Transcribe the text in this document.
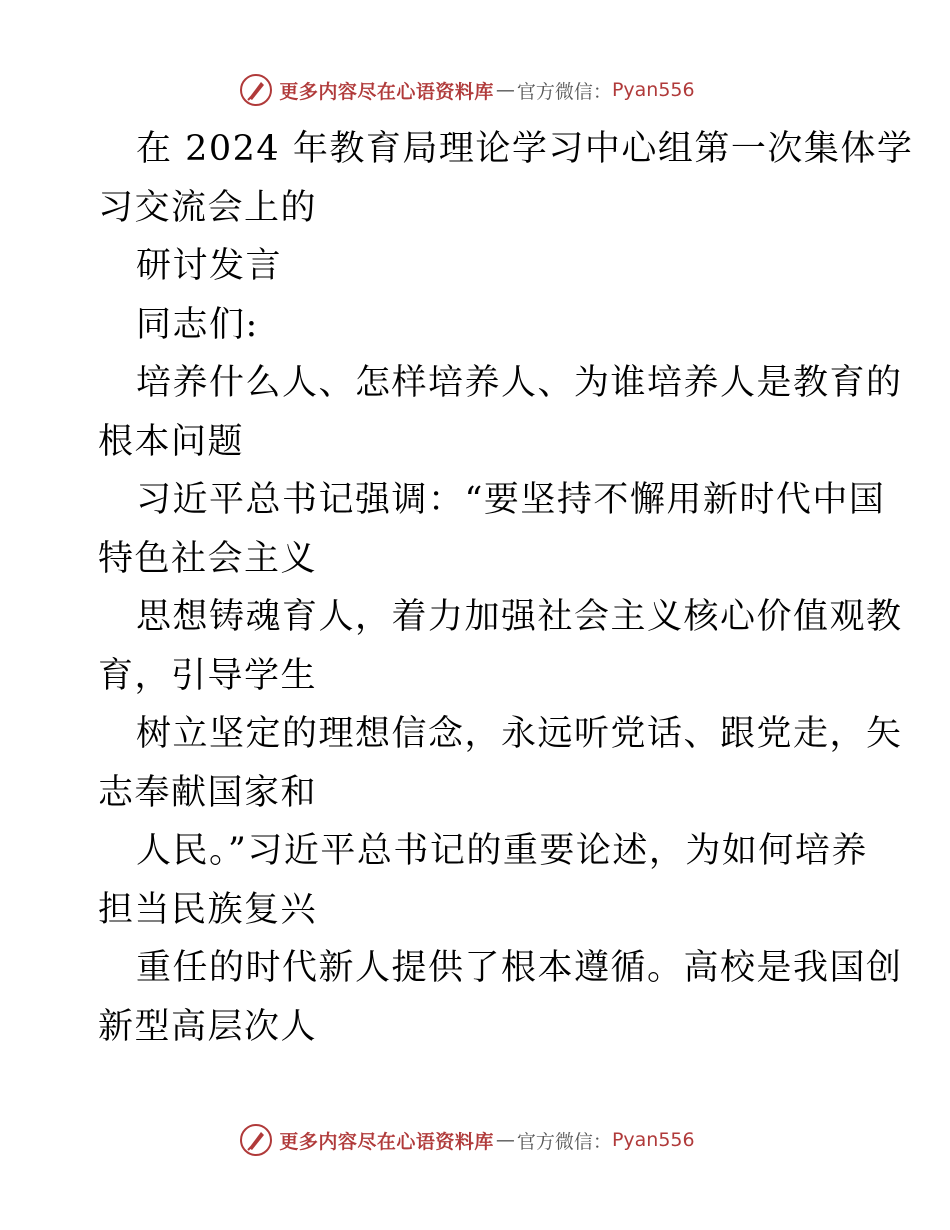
更多内容尽在心语资料库 — 官方微信： Pyan556
在 2024 年教育局理论学习中心组第一次集体学
习交流会上的
研讨发言
同志们:
培养什么人、怎样培养人、为谁培养人是教育的
根本问题
习近平总书记强调：“要坚持不懈用新时代中国
特色社会主义
思想铸魂育人，着力加强社会主义核心价值观教
育，引导学生
树立坚定的理想信念，永远听党话、跟党走，矢
志奉献国家和
人民。”习近平总书记的重要论述，为如何培养
担当民族复兴
重任的时代新人提供了根本遵循。高校是我国创
新型高层次人
更多内容尽在心语资料库 — 官方微信： Pyan556
